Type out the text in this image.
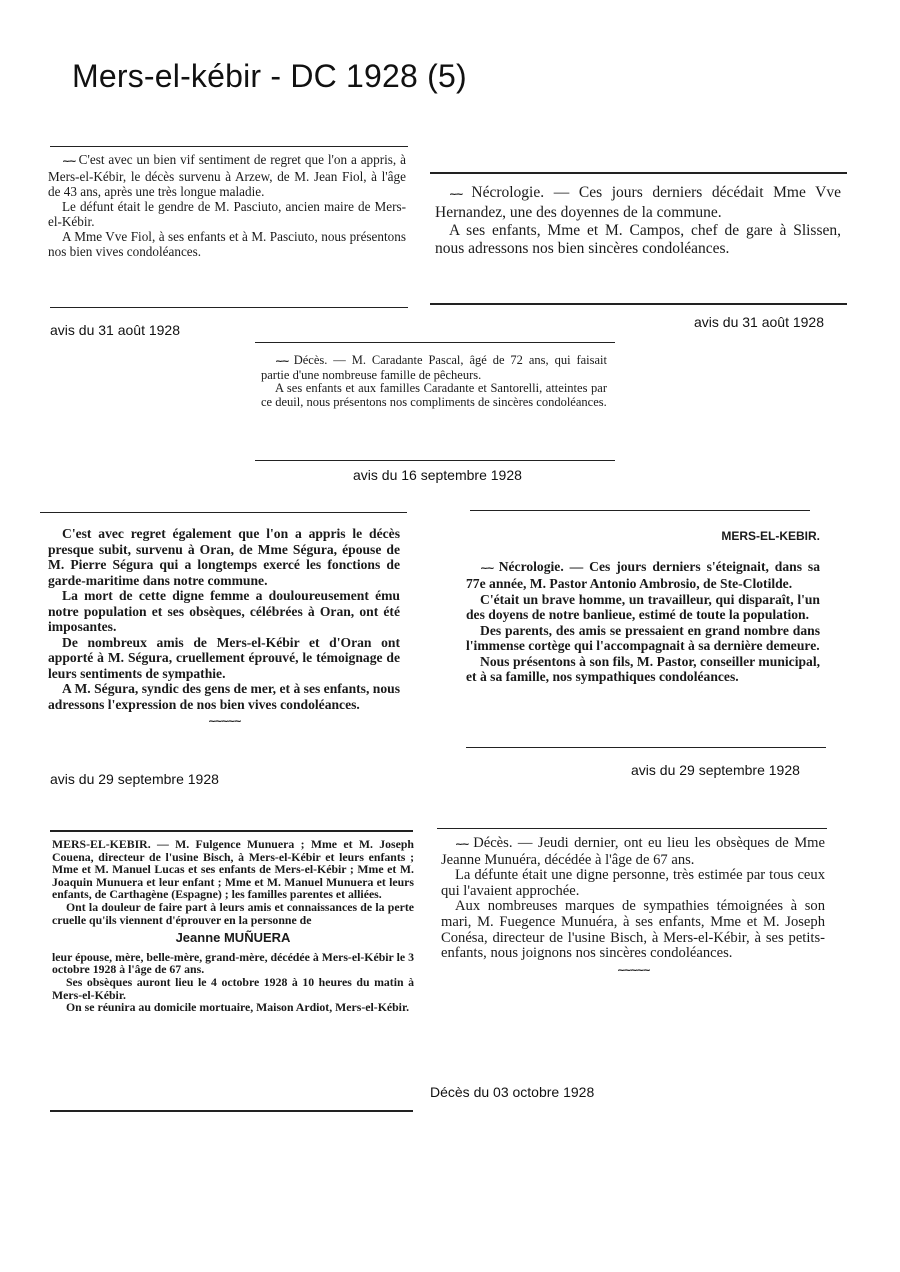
Mers-el-kébir - DC 1928 (5)

~~ C'est avec un bien vif sentiment de regret que l'on a appris, à Mers-el-Kébir, le décès survenu à Arzew, de M. Jean Fiol, à l'âge de 43 ans, après une très longue maladie.

Le défunt était le gendre de M. Pasciuto, ancien maire de Mers-el-Kébir.

A Mme Vve Fiol, à ses enfants et à M. Pasciuto, nous présentons nos bien vives condoléances.

avis du 31 août 1928

~~ Nécrologie. — Ces jours derniers décédait Mme Vve Hernandez, une des doyennes de la commune.

A ses enfants, Mme et M. Campos, chef de gare à Slissen, nous adressons nos bien sincères condoléances.

avis du 31 août 1928

~~ Décès. — M. Caradante Pascal, âgé de 72 ans, qui faisait partie d'une nombreuse famille de pêcheurs.

A ses enfants et aux familles Caradante et Santorelli, atteintes par ce deuil, nous présentons nos compliments de sincères condoléances.

avis du 16 septembre 1928

C'est avec regret également que l'on a appris le décès presque subit, survenu à Oran, de Mme Ségura, épouse de M. Pierre Ségura qui a longtemps exercé les fonctions de garde-maritime dans notre commune.

La mort de cette digne femme a douloureusement ému notre population et ses obsèques, célébrées à Oran, ont été imposantes.

De nombreux amis de Mers-el-Kébir et d'Oran ont apporté à M. Ségura, cruellement éprouvé, le témoignage de leurs sentiments de sympathie.

A M. Ségura, syndic des gens de mer, et à ses enfants, nous adressons l'expression de nos bien vives condoléances.

~~~~~

avis du 29 septembre 1928

MERS-EL-KEBIR.

~~ Nécrologie. — Ces jours derniers s'éteignait, dans sa 77e année, M. Pastor Antonio Ambrosio, de Ste-Clotilde.

C'était un brave homme, un travailleur, qui disparaît, l'un des doyens de notre banlieue, estimé de toute la population.

Des parents, des amis se pressaient en grand nombre dans l'immense cortège qui l'accompagnait à sa dernière demeure.

Nous présentons à son fils, M. Pastor, conseiller municipal, et à sa famille, nos sympathiques condoléances.

avis du 29 septembre 1928

MERS-EL-KEBIR. — M. Fulgence Munuera ; Mme et M. Joseph Couena, directeur de l'usine Bisch, à Mers-el-Kébir et leurs enfants ; Mme et M. Manuel Lucas et ses enfants de Mers-el-Kébir ; Mme et M. Joaquin Munuera et leur enfant ; Mme et M. Manuel Munuera et leurs enfants, de Carthagène (Espagne) ; les familles parentes et alliées.

Ont la douleur de faire part à leurs amis et connaissances de la perte cruelle qu'ils viennent d'éprouver en la personne de

Jeanne MUÑUERA

leur épouse, mère, belle-mère, grand-mère, décédée à Mers-el-Kébir le 3 octobre 1928 à l'âge de 67 ans.

Ses obsèques auront lieu le 4 octobre 1928 à 10 heures du matin à Mers-el-Kébir.

On se réunira au domicile mortuaire, Maison Ardiot, Mers-el-Kébir.

~~ Décès. — Jeudi dernier, ont eu lieu les obsèques de Mme Jeanne Munuéra, décédée à l'âge de 67 ans.

La défunte était une digne personne, très estimée par tous ceux qui l'avaient approchée.

Aux nombreuses marques de sympathies témoignées à son mari, M. Fuegence Munuéra, à ses enfants, Mme et M. Joseph Conésa, directeur de l'usine Bisch, à Mers-el-Kébir, à ses petits-enfants, nous joignons nos sincères condoléances.

~~~~~

Décès du 03 octobre 1928
